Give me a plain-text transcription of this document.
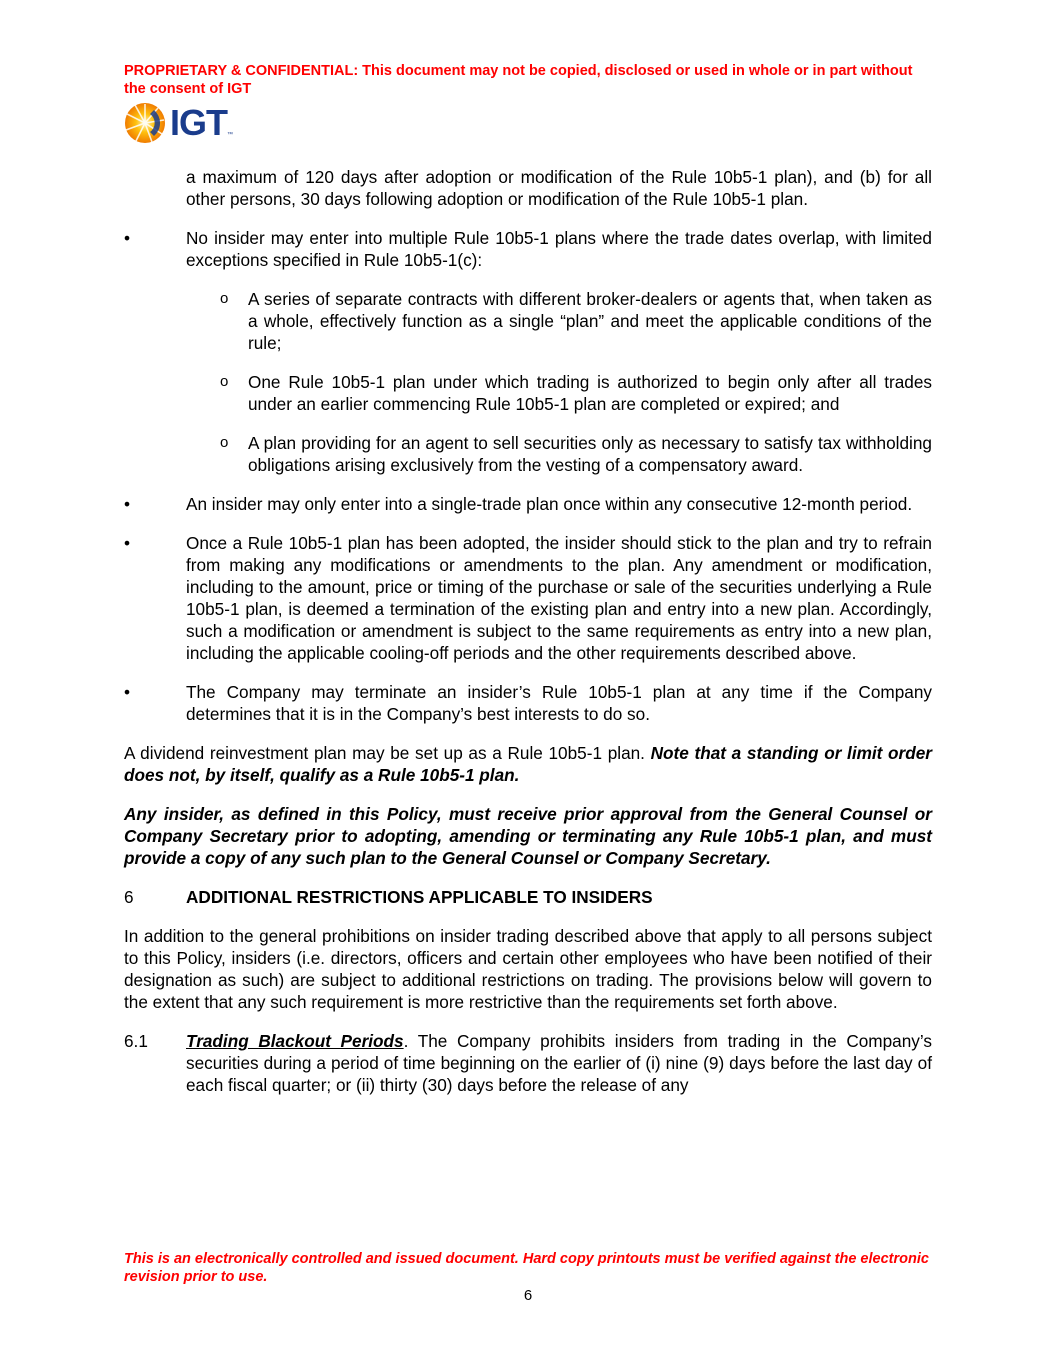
PROPRIETARY & CONFIDENTIAL: This document may not be copied, disclosed or used in whole or in part without the consent of IGT
IGT ™

a maximum of 120 days after adoption or modification of the Rule 10b5-1 plan), and (b) for all other persons, 30 days following adoption or modification of the Rule 10b5-1 plan.

•	No insider may enter into multiple Rule 10b5-1 plans where the trade dates overlap, with limited exceptions specified in Rule 10b5-1(c):
o	A series of separate contracts with different broker-dealers or agents that, when taken as a whole, effectively function as a single “plan” and meet the applicable conditions of the rule;
o	One Rule 10b5-1 plan under which trading is authorized to begin only after all trades under an earlier commencing Rule 10b5-1 plan are completed or expired; and
o	A plan providing for an agent to sell securities only as necessary to satisfy tax withholding obligations arising exclusively from the vesting of a compensatory award.
•	An insider may only enter into a single-trade plan once within any consecutive 12-month period.
•	Once a Rule 10b5-1 plan has been adopted, the insider should stick to the plan and try to refrain from making any modifications or amendments to the plan. Any amendment or modification, including to the amount, price or timing of the purchase or sale of the securities underlying a Rule 10b5-1 plan, is deemed a termination of the existing plan and entry into a new plan. Accordingly, such a modification or amendment is subject to the same requirements as entry into a new plan, including the applicable cooling-off periods and the other requirements described above.
•	The Company may terminate an insider’s Rule 10b5-1 plan at any time if the Company determines that it is in the Company’s best interests to do so.

A dividend reinvestment plan may be set up as a Rule 10b5-1 plan. Note that a standing or limit order does not, by itself, qualify as a Rule 10b5-1 plan.

Any insider, as defined in this Policy, must receive prior approval from the General Counsel or Company Secretary prior to adopting, amending or terminating any Rule 10b5-1 plan, and must provide a copy of any such plan to the General Counsel or Company Secretary.

6	ADDITIONAL RESTRICTIONS APPLICABLE TO INSIDERS

In addition to the general prohibitions on insider trading described above that apply to all persons subject to this Policy, insiders (i.e. directors, officers and certain other employees who have been notified of their designation as such) are subject to additional restrictions on trading. The provisions below will govern to the extent that any such requirement is more restrictive than the requirements set forth above.

6.1	Trading Blackout Periods. The Company prohibits insiders from trading in the Company’s securities during a period of time beginning on the earlier of (i) nine (9) days before the last day of each fiscal quarter; or (ii) thirty (30) days before the release of any
This is an electronically controlled and issued document. Hard copy printouts must be verified against the electronic revision prior to use.
6
